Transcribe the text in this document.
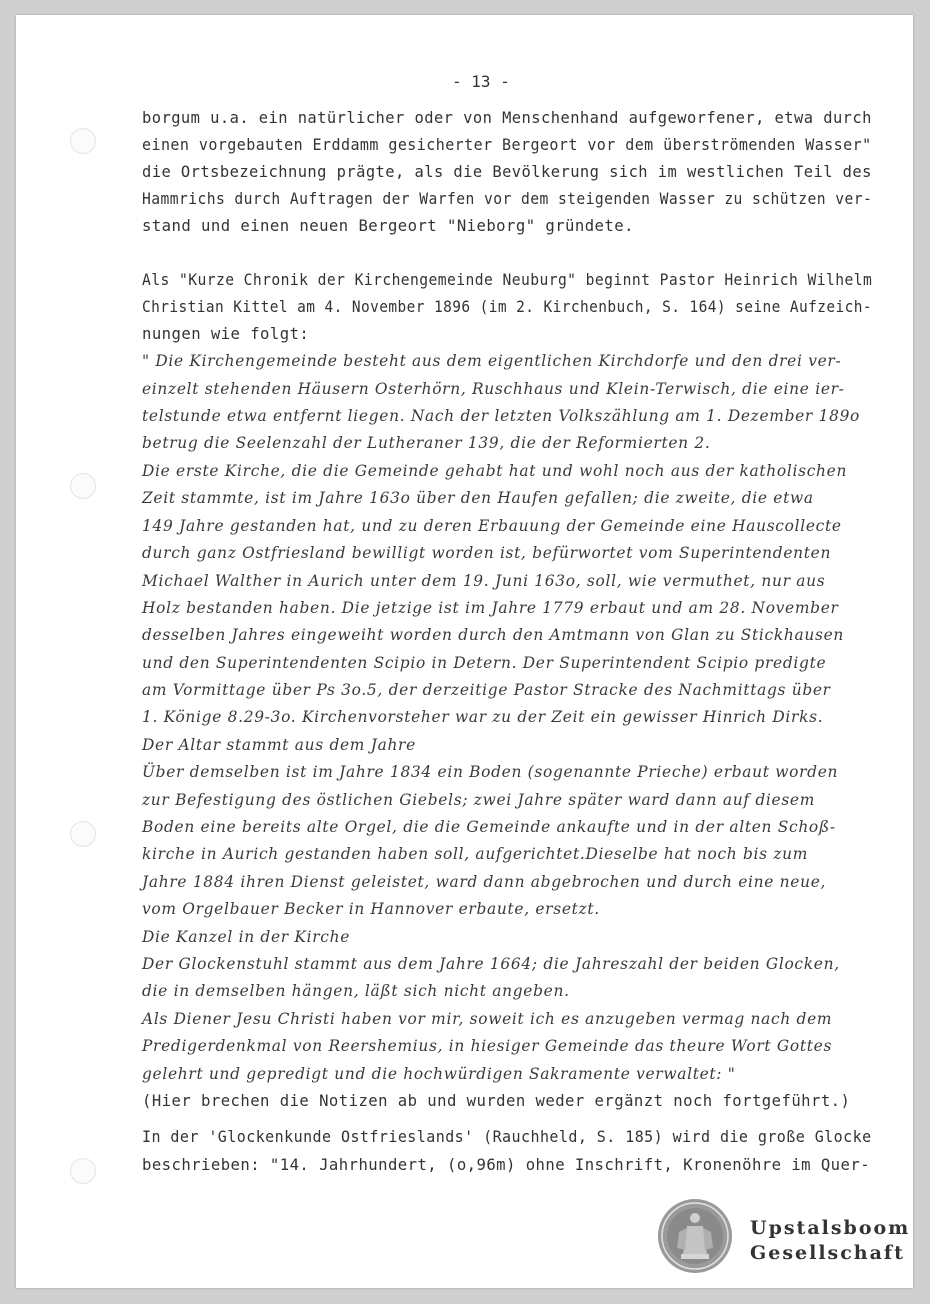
- 13 -
borgum u.a. ein natürlicher oder von Menschenhand aufgeworfener, etwa durch
einen vorgebauten Erddamm gesicherter Bergeort vor dem überströmenden Wasser"
die Ortsbezeichnung prägte, als die Bevölkerung sich im westlichen Teil des
Hammrichs durch Auftragen der Warfen vor dem steigenden Wasser zu schützen ver-
stand und einen neuen Bergeort "Nieborg" gründete.
Als "Kurze Chronik der Kirchengemeinde Neuburg" beginnt Pastor Heinrich Wilhelm
Christian Kittel am 4. November 1896 (im 2. Kirchenbuch, S. 164) seine Aufzeich-
nungen wie folgt:
" Die Kirchengemeinde besteht aus dem eigentlichen Kirchdorfe und den drei ver-
einzelt stehenden Häusern Osterhörn, Ruschhaus und Klein-Terwisch, die eine ier-
telstunde etwa entfernt liegen. Nach der letzten Volkszählung am 1. Dezember 189o
betrug die Seelenzahl der Lutheraner 139, die der Reformierten 2.
Die erste Kirche, die die Gemeinde gehabt hat und wohl noch aus der katholischen
Zeit stammte, ist im Jahre 163o über den Haufen gefallen; die zweite, die etwa
149 Jahre gestanden hat, und zu deren Erbauung der Gemeinde eine Hauscollecte
durch ganz Ostfriesland bewilligt worden ist, befürwortet vom Superintendenten
Michael Walther in Aurich unter dem 19. Juni 163o, soll, wie vermuthet, nur aus
Holz bestanden haben. Die jetzige ist im Jahre 1779 erbaut und am 28. November
desselben Jahres eingeweiht worden durch den Amtmann von Glan zu Stickhausen
und den Superintendenten Scipio in Detern. Der Superintendent Scipio predigte
am Vormittage über Ps 3o.5, der derzeitige Pastor Stracke des Nachmittags über
1. Könige 8.29-3o. Kirchenvorsteher war zu der Zeit ein gewisser Hinrich Dirks.
Der Altar stammt aus dem Jahre
Über demselben ist im Jahre 1834 ein Boden (sogenannte Prieche) erbaut worden
zur Befestigung des östlichen Giebels; zwei Jahre später ward dann auf diesem
Boden eine bereits alte Orgel, die die Gemeinde ankaufte und in der alten Schoß-
kirche in Aurich gestanden haben soll, aufgerichtet.Dieselbe hat noch bis zum
Jahre 1884 ihren Dienst geleistet, ward dann abgebrochen und durch eine neue,
vom Orgelbauer Becker in Hannover erbaute, ersetzt.
Die Kanzel in der Kirche
Der Glockenstuhl stammt aus dem Jahre 1664; die Jahreszahl der beiden Glocken,
die in demselben hängen, läßt sich nicht angeben.
Als Diener Jesu Christi haben vor mir, soweit ich es anzugeben vermag nach dem
Predigerdenkmal von Reershemius, in hiesiger Gemeinde das theure Wort Gottes
gelehrt und gepredigt und die hochwürdigen Sakramente verwaltet: "
(Hier brechen die Notizen ab und wurden weder ergänzt noch fortgeführt.)
In der 'Glockenkunde Ostfrieslands' (Rauchheld, S. 185) wird die große Glocke
beschrieben: "14. Jahrhundert, (o,96m) ohne Inschrift, Kronenöhre im Quer-
Upstalsboom
Gesellschaft
